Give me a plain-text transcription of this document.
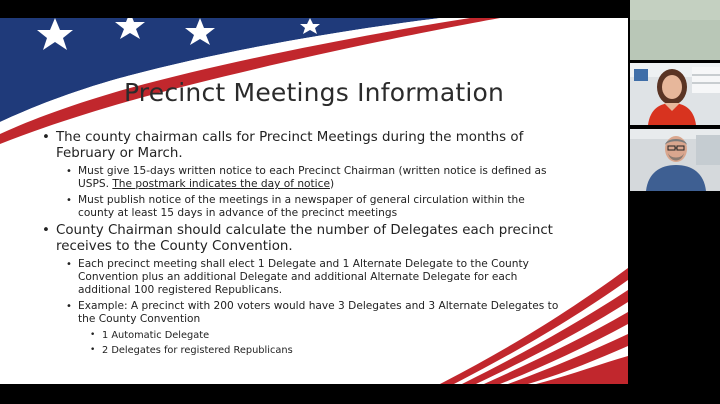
Precinct Meetings Information
• The county chairman calls for Precinct Meetings during the months of February or March.
• Must give 15-days written notice to each Precinct Chairman (written notice is defined as USPS. The postmark indicates the day of notice)
• Must publish notice of the meetings in a newspaper of general circulation within the county at least 15 days in advance of the precinct meetings
• County Chairman should calculate the number of Delegates each precinct receives to the County Convention.
• Each precinct meeting shall elect 1 Delegate and 1 Alternate Delegate to the County Convention plus an additional Delegate and additional Alternate Delegate for each additional 100 registered Republicans.
• Example: A precinct with 200 voters would have 3 Delegates and 3 Alternate Delegates to the County Convention
• 1 Automatic Delegate
• 2 Delegates for registered Republicans
